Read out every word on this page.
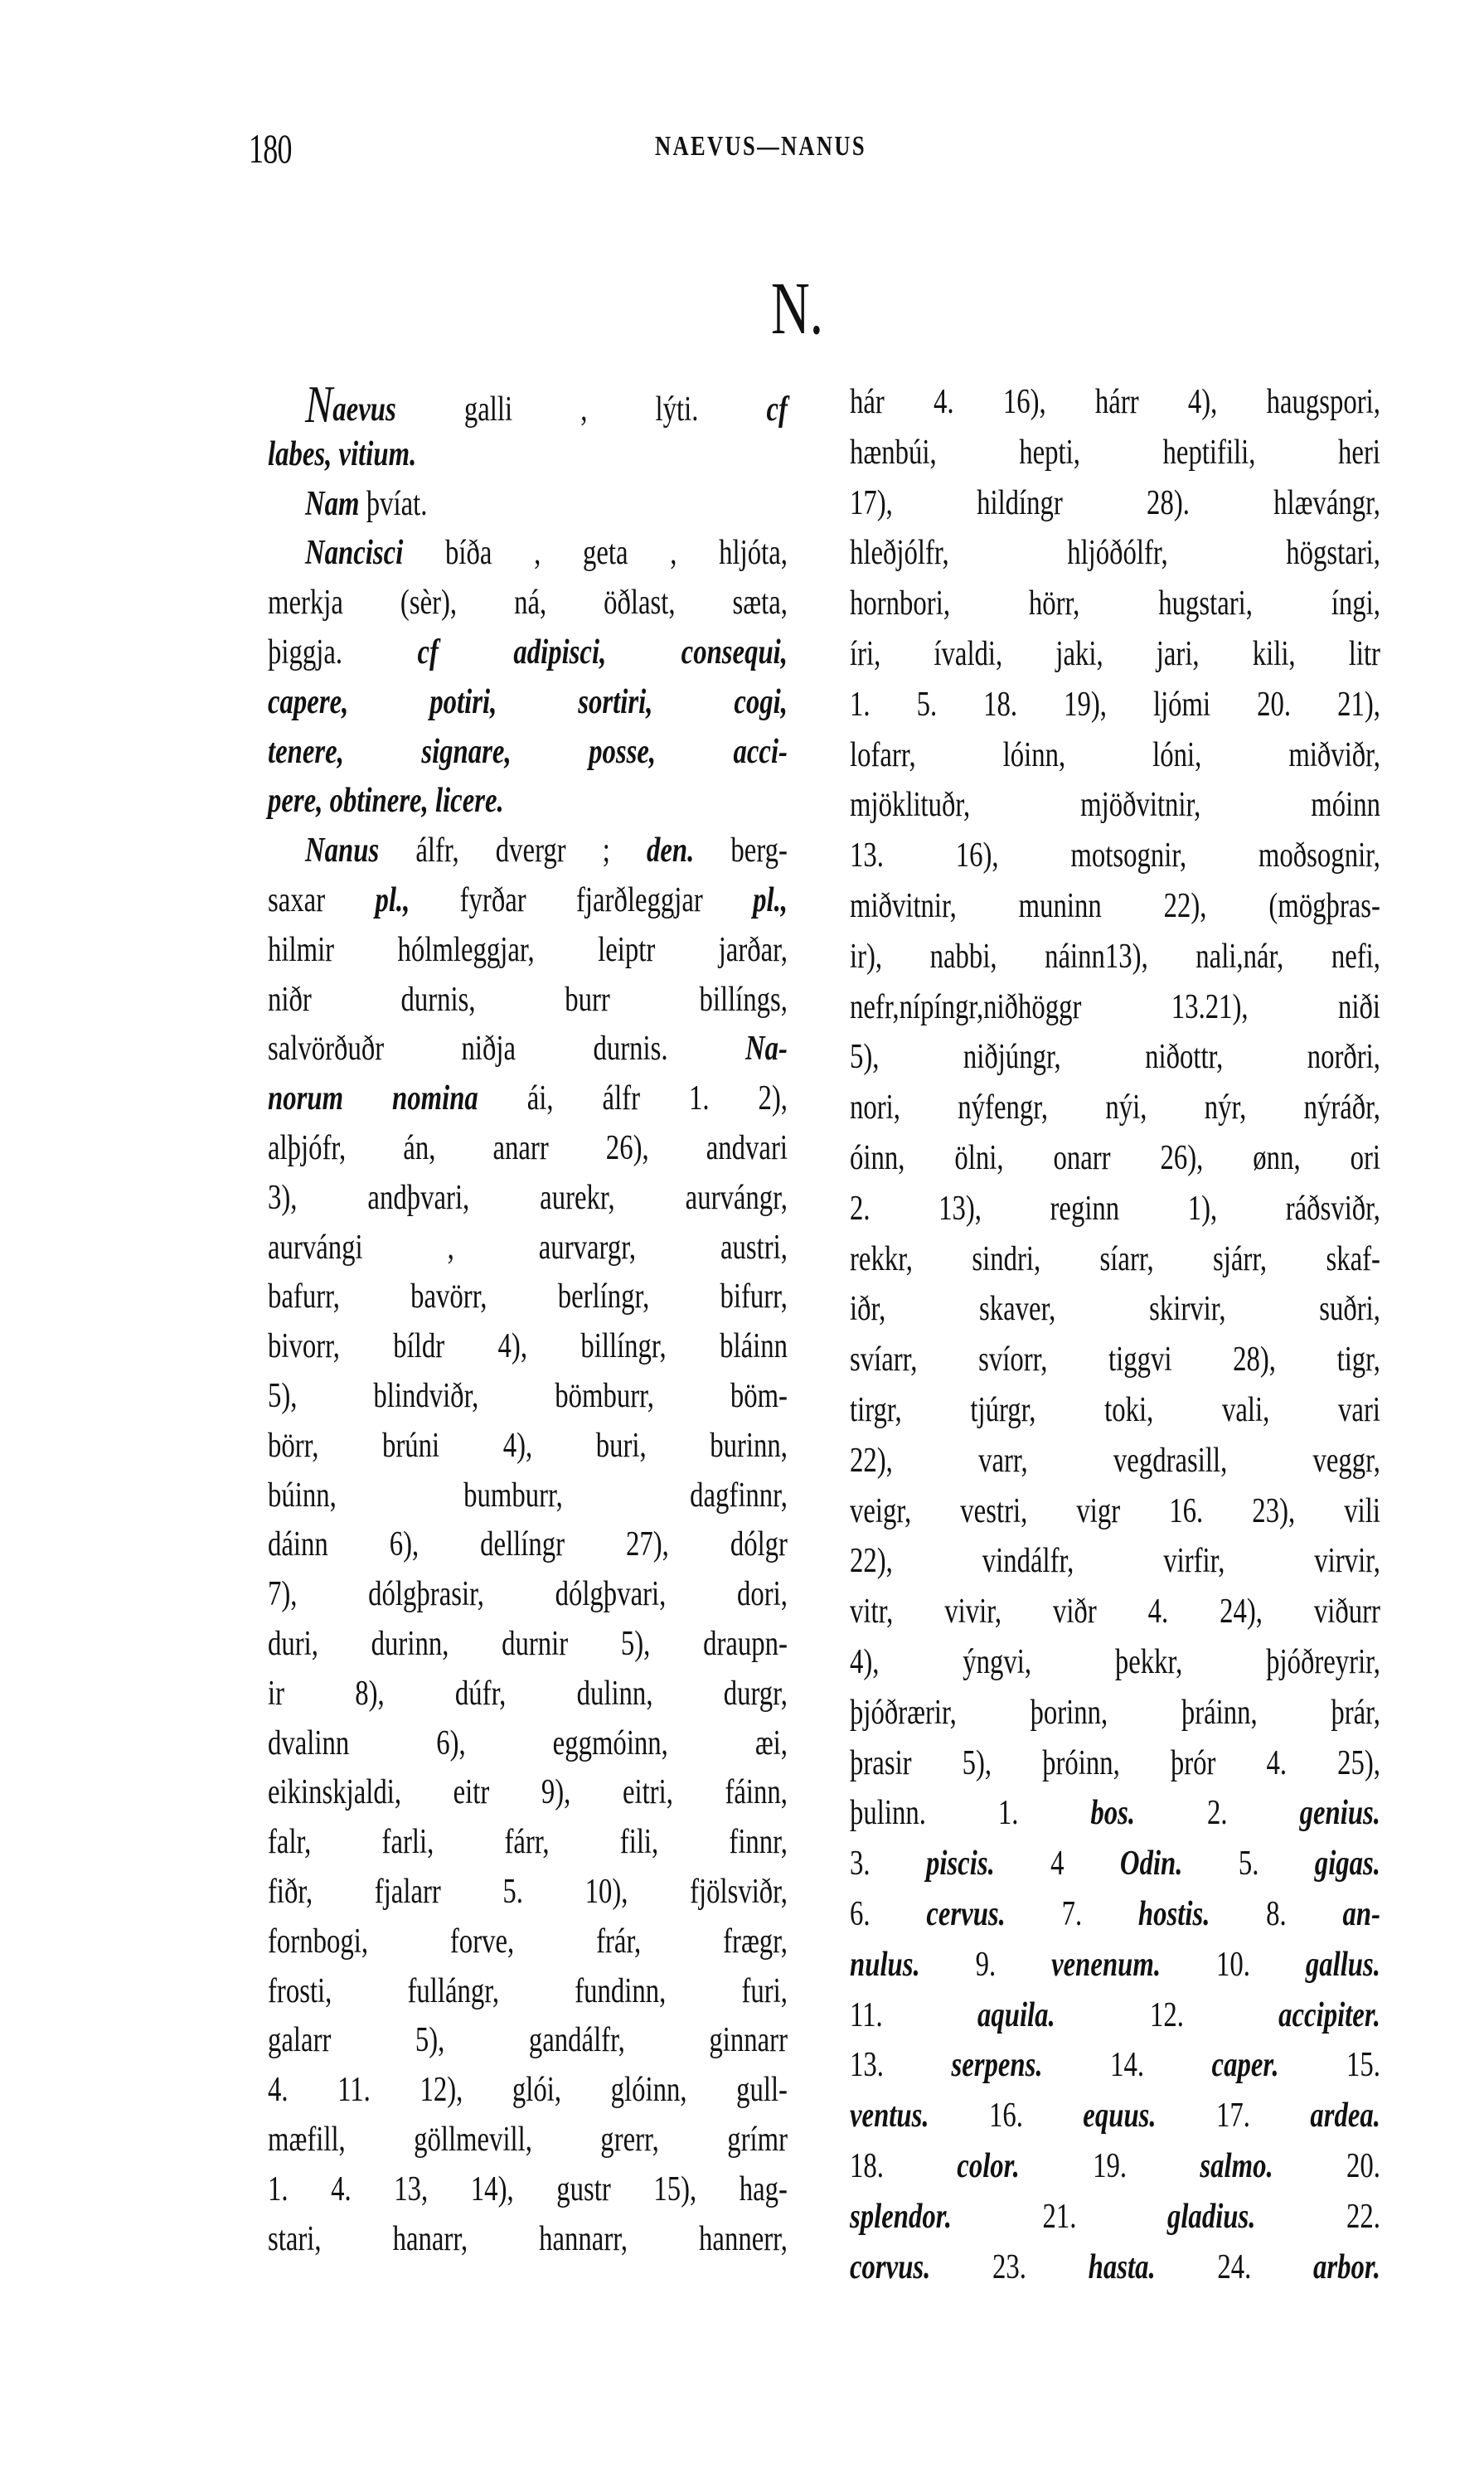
180	NAEVUS—NANUS
N.
Naevus galli , lýti. cf
labes, vitium.
Nam þvíat.
Nancisci bíða , geta , hljóta,
merkja (sèr), ná, öðlast, sæta,
þiggja. cf adipisci, consequi,
capere, potiri, sortiri, cogi,
tenere, signare, posse, acci-
pere, obtinere, licere.
Nanus álfr, dvergr ; den. berg-
saxar pl., fyrðar fjarðleggjar pl.,
hilmir hólmleggjar, leiptr jarðar,
niðr durnis, burr billíngs,
salvörðuðr niðja durnis. Na-
norum nomina ái, álfr 1. 2),
alþjófr, án, anarr 26), andvari
3), andþvari, aurekr, aurvángr,
aurvángi , aurvargr, austri,
bafurr, bavörr, berlíngr, bifurr,
bivorr, bíldr 4), billíngr, bláinn
5), blindviðr, bömburr, böm-
börr, brúni 4), buri, burinn,
búinn, bumburr, dagfinnr,
dáinn 6), dellíngr 27), dólgr
7), dólgþrasir, dólgþvari, dori,
duri, durinn, durnir 5), draupn-
ir 8), dúfr, dulinn, durgr,
dvalinn 6), eggmóinn, æi,
eikinskjaldi, eitr 9), eitri, fáinn,
falr, farli, fárr, fili, finnr,
fiðr, fjalarr 5. 10), fjölsviðr,
fornbogi, forve, frár, frægr,
frosti, fullángr, fundinn, furi,
galarr 5), gandálfr, ginnarr
4. 11. 12), glói, glóinn, gull-
mæfill, göllmevill, grerr, grímr
1. 4. 13, 14), gustr 15), hag-
stari, hanarr, hannarr, hannerr,
hár 4. 16), hárr 4), haugspori,
hænbúi, hepti, heptifili, heri
17), hildíngr 28). hlævángr,
hleðjólfr, hljóðólfr, högstari,
hornbori, hörr, hugstari, íngi,
íri, ívaldi, jaki, jari, kili, litr
1. 5. 18. 19), ljómi 20. 21),
lofarr, lóinn, lóni, miðviðr,
mjöklituðr, mjöðvitnir, móinn
13. 16), motsognir, moðsognir,
miðvitnir, muninn 22), (mögþras-
ir), nabbi, náinn13), nali,nár, nefi,
nefr,nípíngr,niðhöggr 13.21), niði
5), niðjúngr, niðottr, norðri,
nori, nýfengr, nýi, nýr, nýráðr,
óinn, ölni, onarr 26), ønn, ori
2. 13), reginn 1), ráðsviðr,
rekkr, sindri, síarr, sjárr, skaf-
iðr, skaver, skirvir, suðri,
svíarr, svíorr, tiggvi 28), tigr,
tirgr, tjúrgr, toki, vali, vari
22), varr, vegdrasill, veggr,
veigr, vestri, vigr 16. 23), vili
22), vindálfr, virfir, virvir,
vitr, vivir, viðr 4. 24), viðurr
4), ýngvi, þekkr, þjóðreyrir,
þjóðrærir, þorinn, þráinn, þrár,
þrasir 5), þróinn, þrór 4. 25),
þulinn. 1. bos. 2. genius.
3. piscis. 4 Odin. 5. gigas.
6. cervus. 7. hostis. 8. an-
nulus. 9. venenum. 10. gallus.
11. aquila. 12. accipiter.
13. serpens. 14. caper. 15.
ventus. 16. equus. 17. ardea.
18. color. 19. salmo. 20.
splendor. 21. gladius. 22.
corvus. 23. hasta. 24. arbor.
